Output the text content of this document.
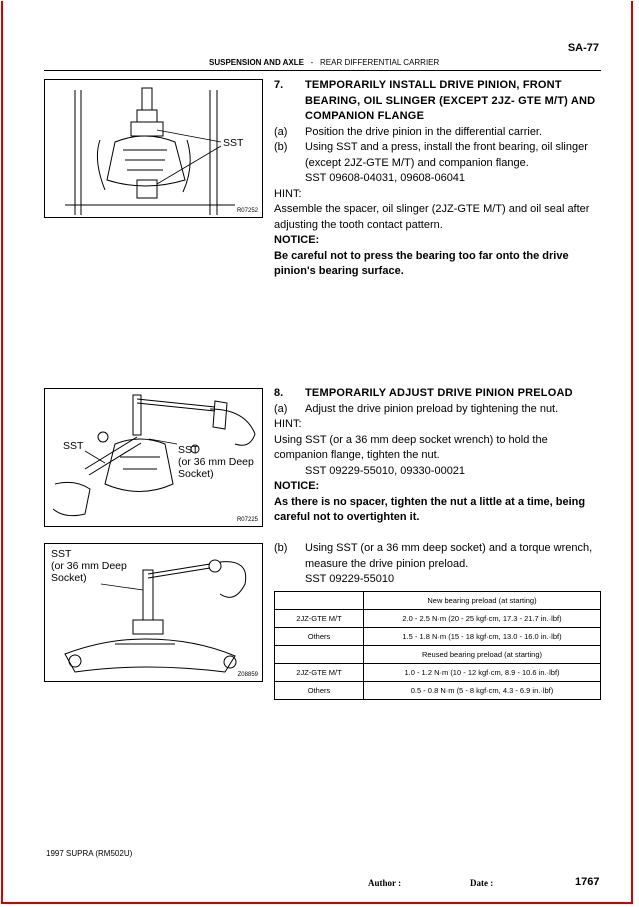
SA-77
SUSPENSION AND AXLE - REAR DIFFERENTIAL CARRIER
SST
R07252
7.	TEMPORARILY INSTALL DRIVE PINION, FRONT BEARING, OIL SLINGER (EXCEPT 2JZ- GTE M/T) AND COMPANION FLANGE
(a)	Position the drive pinion in the differential carrier.
(b)	Using SST and a press, install the front bearing, oil slinger (except 2JZ-GTE M/T) and companion flange.

SST 09608-04031, 09608-06041

HINT:

Assemble the spacer, oil slinger (2JZ-GTE M/T) and oil seal after adjusting the tooth contact pattern.

NOTICE:

Be careful not to press the bearing too far onto the drive pinion's bearing surface.

SST	SST
(or 36 mm Deep
Socket)
R07225
8.	TEMPORARILY ADJUST DRIVE PINION PRELOAD
(a)	Adjust the drive pinion preload by tightening the nut.

HINT:

Using SST (or a 36 mm deep socket wrench) to hold the companion flange, tighten the nut.

SST 09229-55010, 09330-00021

NOTICE:

As there is no spacer, tighten the nut a little at a time, being careful not to overtighten it.

SST
(or 36 mm Deep
Socket)
Z08859
(b)	Using SST (or a 36 mm deep socket) and a torque wrench, measure the drive pinion preload.

SST 09229-55010

	New bearing preload (at starting)
2JZ-GTE M/T	2.0 - 2.5 N·m (20 - 25 kgf·cm, 17.3 - 21.7 in.·lbf)
Others	1.5 - 1.8 N·m (15 - 18 kgf·cm, 13.0 - 16.0 in.·lbf)
	Reused bearing preload (at starting)
2JZ-GTE M/T	1.0 - 1.2 N·m (10 - 12 kgf·cm, 8.9 - 10.6 in.·lbf)
Others	0.5 - 0.8 N·m (5 - 8 kgf·cm, 4.3 - 6.9 in.·lbf)
1997 SUPRA (RM502U)
Author :	Date :	1767
